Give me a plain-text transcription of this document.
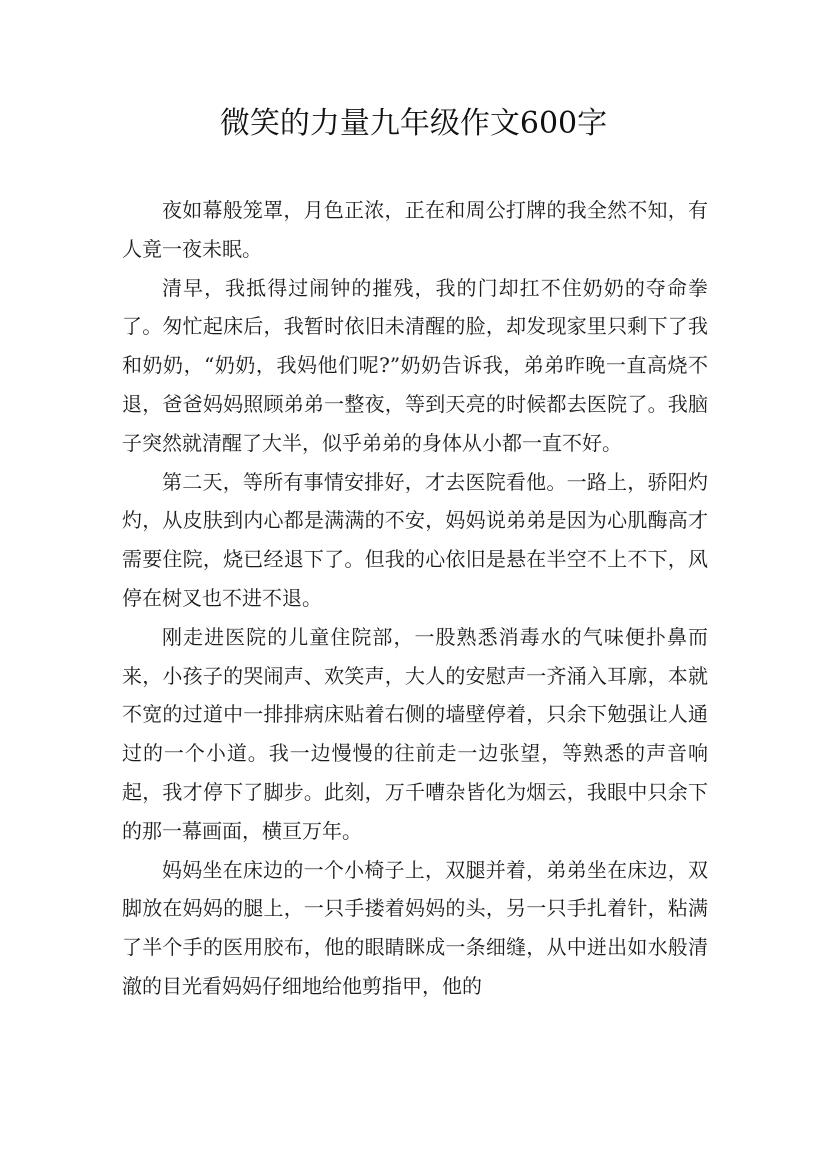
微笑的力量九年级作文600字

夜如幕般笼罩，月色正浓，正在和周公打牌的我全然不知，有人竟一夜未眠。

清早，我抵得过闹钟的摧残，我的门却扛不住奶奶的夺命拳了。匆忙起床后，我暂时依旧未清醒的脸，却发现家里只剩下了我和奶奶，“奶奶，我妈他们呢?”奶奶告诉我，弟弟昨晚一直高烧不退，爸爸妈妈照顾弟弟一整夜，等到天亮的时候都去医院了。我脑子突然就清醒了大半，似乎弟弟的身体从小都一直不好。

第二天，等所有事情安排好，才去医院看他。一路上，骄阳灼灼，从皮肤到内心都是满满的不安，妈妈说弟弟是因为心肌酶高才需要住院，烧已经退下了。但我的心依旧是悬在半空不上不下，风停在树叉也不进不退。

刚走进医院的儿童住院部，一股熟悉消毒水的气味便扑鼻而来，小孩子的哭闹声、欢笑声，大人的安慰声一齐涌入耳廓，本就不宽的过道中一排排病床贴着右侧的墙壁停着，只余下勉强让人通过的一个小道。我一边慢慢的往前走一边张望，等熟悉的声音响起，我才停下了脚步。此刻，万千嘈杂皆化为烟云，我眼中只余下的那一幕画面，横亘万年。

妈妈坐在床边的一个小椅子上，双腿并着，弟弟坐在床边，双脚放在妈妈的腿上，一只手搂着妈妈的头，另一只手扎着针，粘满了半个手的医用胶布，他的眼睛眯成一条细缝，从中迸出如水般清澈的目光看妈妈仔细地给他剪指甲，他的
